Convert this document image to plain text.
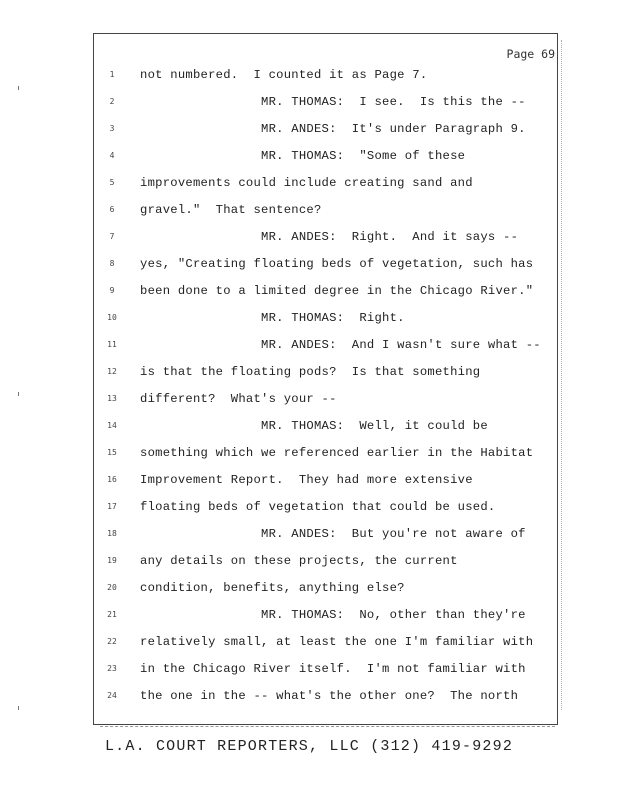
Page 69
1	not numbered.  I counted it as Page 7.
2	MR. THOMAS:  I see.  Is this the --
3	MR. ANDES:  It's under Paragraph 9.
4	MR. THOMAS:  "Some of these
5	improvements could include creating sand and
6	gravel."  That sentence?
7	MR. ANDES:  Right.  And it says --
8	yes, "Creating floating beds of vegetation, such has
9	been done to a limited degree in the Chicago River."
10	MR. THOMAS:  Right.
11	MR. ANDES:  And I wasn't sure what --
12	is that the floating pods?  Is that something
13	different?  What's your --
14	MR. THOMAS:  Well, it could be
15	something which we referenced earlier in the Habitat
16	Improvement Report.  They had more extensive
17	floating beds of vegetation that could be used.
18	MR. ANDES:  But you're not aware of
19	any details on these projects, the current
20	condition, benefits, anything else?
21	MR. THOMAS:  No, other than they're
22	relatively small, at least the one I'm familiar with
23	in the Chicago River itself.  I'm not familiar with
24	the one in the -- what's the other one?  The north
L.A. COURT REPORTERS, LLC (312) 419-9292
